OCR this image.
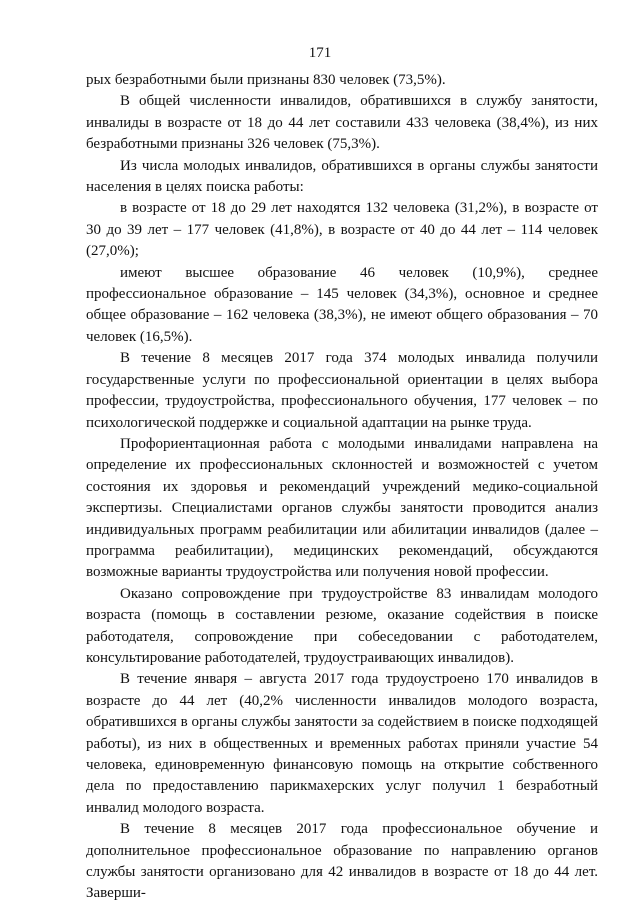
171

рых безработными были признаны 830 человек (73,5%).

В общей численности инвалидов, обратившихся в службу занятости, инвалиды в возрасте от 18 до 44 лет составили 433 человека (38,4%), из них безработными признаны 326 человек (75,3%).

Из числа молодых инвалидов, обратившихся в органы службы занятости населения в целях поиска работы:

в возрасте от 18 до 29 лет находятся 132 человека (31,2%), в возрасте от 30 до 39 лет – 177 человек (41,8%), в возрасте от 40 до 44 лет – 114 человек (27,0%);

имеют высшее образование 46 человек (10,9%), среднее профессиональное образование – 145 человек (34,3%), основное и среднее общее образование – 162 человека (38,3%), не имеют общего образования – 70 человек (16,5%).

В течение 8 месяцев 2017 года 374 молодых инвалида получили государственные услуги по профессиональной ориентации в целях выбора профессии, трудоустройства, профессионального обучения, 177 человек – по психологической поддержке и социальной адаптации на рынке труда.

Профориентационная работа с молодыми инвалидами направлена на определение их профессиональных склонностей и возможностей с учетом состояния их здоровья и рекомендаций учреждений медико-социальной экспертизы. Специалистами органов службы занятости проводится анализ индивидуальных программ реабилитации или абилитации инвалидов (далее – программа реабилитации), медицинских рекомендаций, обсуждаются возможные варианты трудоустройства или получения новой профессии.

Оказано сопровождение при трудоустройстве 83 инвалидам молодого возраста (помощь в составлении резюме, оказание содействия в поиске работодателя, сопровождение при собеседовании с работодателем, консультирование работодателей, трудоустраивающих инвалидов).

В течение января – августа 2017 года трудоустроено 170 инвалидов в возрасте до 44 лет (40,2% численности инвалидов молодого возраста, обратившихся в органы службы занятости за содействием в поиске подходящей работы), из них в общественных и временных работах приняли участие 54 человека, единовременную финансовую помощь на открытие собственного дела по предоставлению парикмахерских услуг получил 1 безработный инвалид молодого возраста.

В течение 8 месяцев 2017 года профессиональное обучение и дополнительное профессиональное образование по направлению органов службы занятости организовано для 42 инвалидов в возрасте от 18 до 44 лет. Заверши-
